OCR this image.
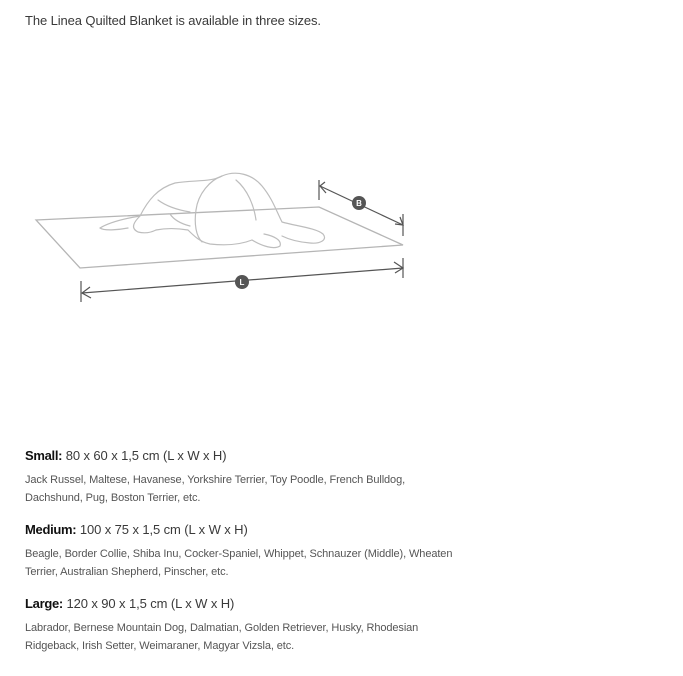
The Linea Quilted Blanket is available in three sizes.
L
B

Small: 80 x 60 x 1,5 cm (L x W x H)

Jack Russel, Maltese, Havanese, Yorkshire Terrier, Toy Poodle, French Bulldog,
Dachshund, Pug, Boston Terrier, etc.

Medium: 100 x 75 x 1,5 cm (L x W x H)

Beagle, Border Collie, Shiba Inu, Cocker-Spaniel, Whippet, Schnauzer (Middle), Wheaten
Terrier, Australian Shepherd, Pinscher, etc.

Large: 120 x 90 x 1,5 cm (L x W x H)

Labrador, Bernese Mountain Dog, Dalmatian, Golden Retriever, Husky, Rhodesian
Ridgeback, Irish Setter, Weimaraner, Magyar Vizsla, etc.
